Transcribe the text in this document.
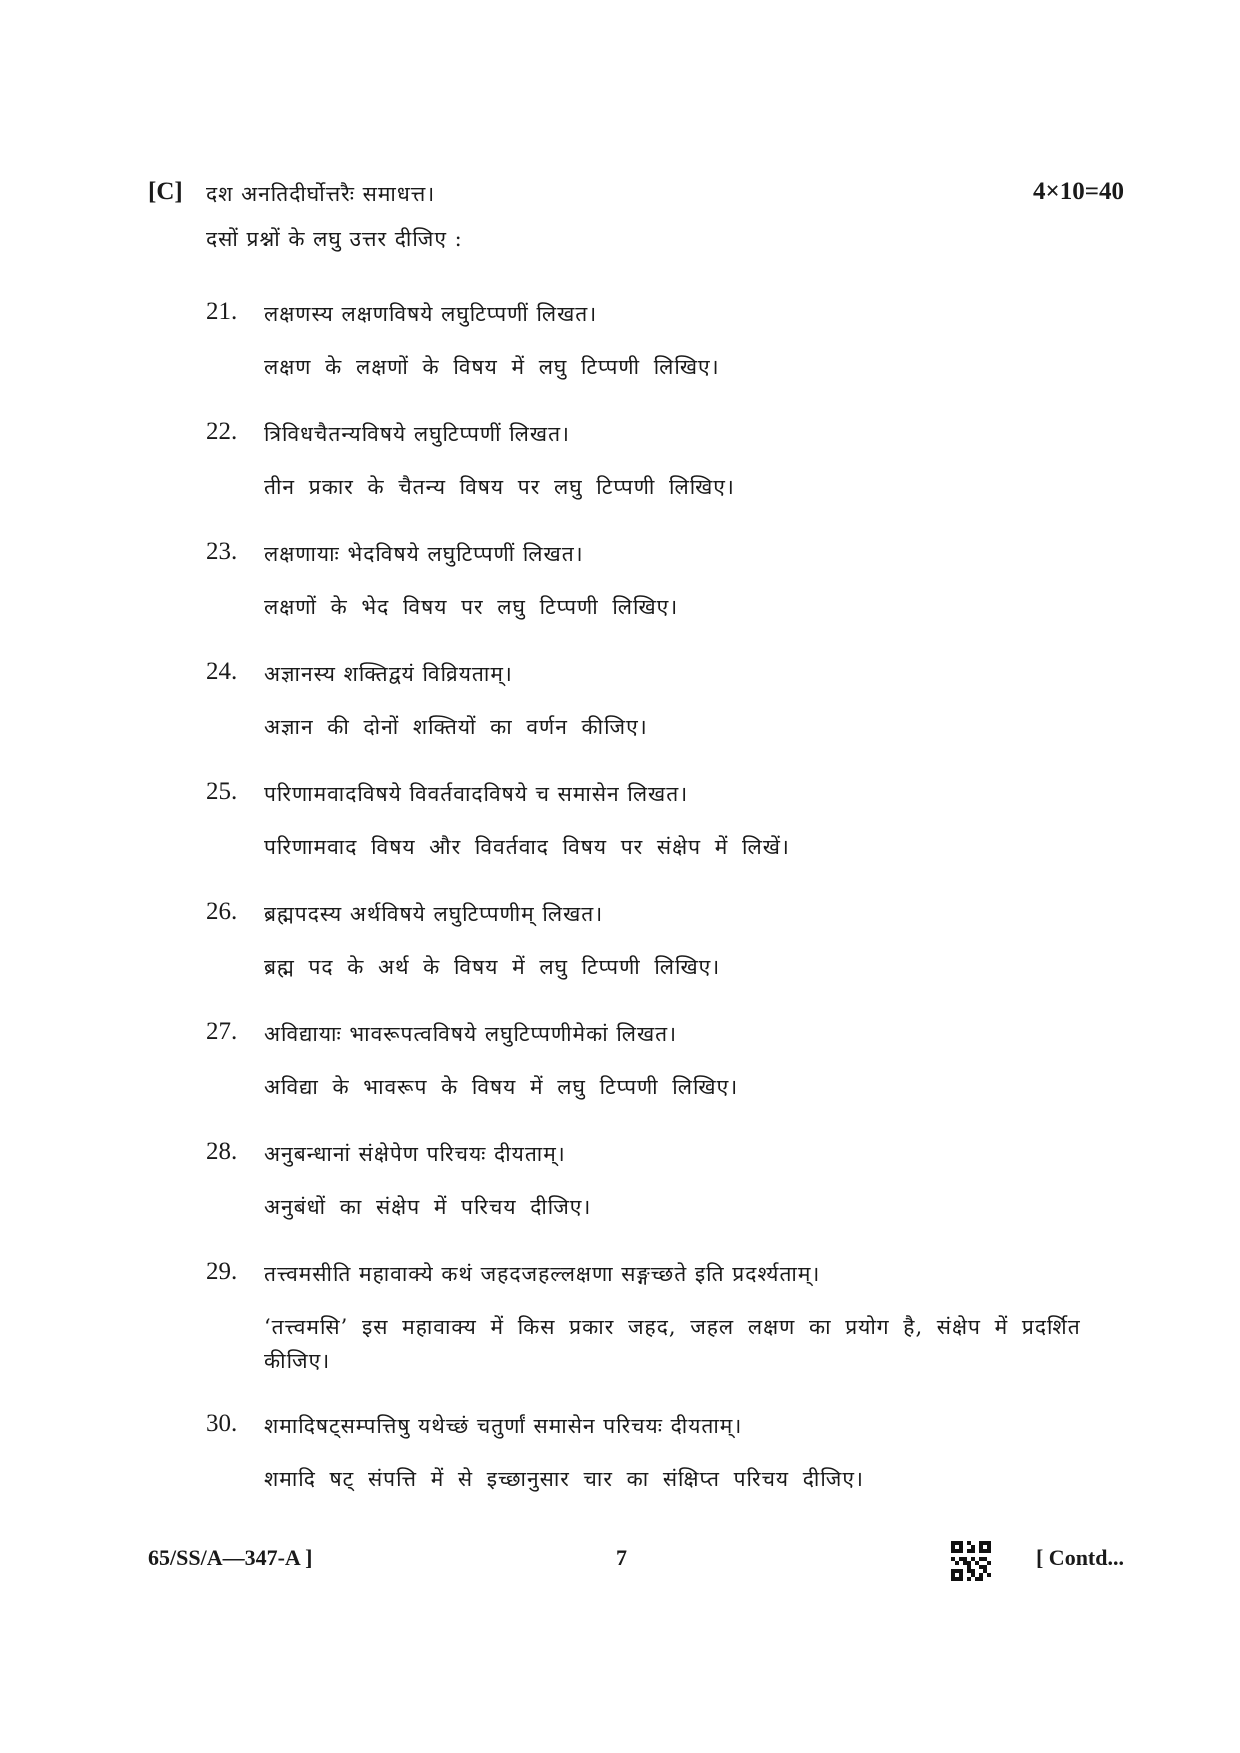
[C] दश अनतिदीर्घोत्तरैः समाधत्त।	4×10=40
दसों प्रश्नों के लघु उत्तर दीजिए :
21. लक्षणस्य लक्षणविषये लघुटिप्पणीं लिखत।
लक्षण के लक्षणों के विषय में लघु टिप्पणी लिखिए।
22. त्रिविधचैतन्यविषये लघुटिप्पणीं लिखत।
तीन प्रकार के चैतन्य विषय पर लघु टिप्पणी लिखिए।
23. लक्षणायाः भेदविषये लघुटिप्पणीं लिखत।
लक्षणों के भेद विषय पर लघु टिप्पणी लिखिए।
24. अज्ञानस्य शक्तिद्वयं विव्रियताम्।
अज्ञान की दोनों शक्तियों का वर्णन कीजिए।
25. परिणामवादविषये विवर्तवादविषये च समासेन लिखत।
परिणामवाद विषय और विवर्तवाद विषय पर संक्षेप में लिखें।
26. ब्रह्मपदस्य अर्थविषये लघुटिप्पणीम् लिखत।
ब्रह्म पद के अर्थ के विषय में लघु टिप्पणी लिखिए।
27. अविद्यायाः भावरूपत्वविषये लघुटिप्पणीमेकां लिखत।
अविद्या के भावरूप के विषय में लघु टिप्पणी लिखिए।
28. अनुबन्धानां संक्षेपेण परिचयः दीयताम्।
अनुबंधों का संक्षेप में परिचय दीजिए।
29. तत्त्वमसीति महावाक्ये कथं जहदजहल्लक्षणा सङ्गच्छते इति प्रदर्श्यताम्।
‘तत्त्वमसि’ इस महावाक्य में किस प्रकार जहद, जहल लक्षण का प्रयोग है, संक्षेप में प्रदर्शित कीजिए।
30. शमादिषट्सम्पत्तिषु यथेच्छं चतुर्णां समासेन परिचयः दीयताम्।
शमादि षट् संपत्ति में से इच्छानुसार चार का संक्षिप्त परिचय दीजिए।
65/SS/A—347-A ]	7	[ Contd...
